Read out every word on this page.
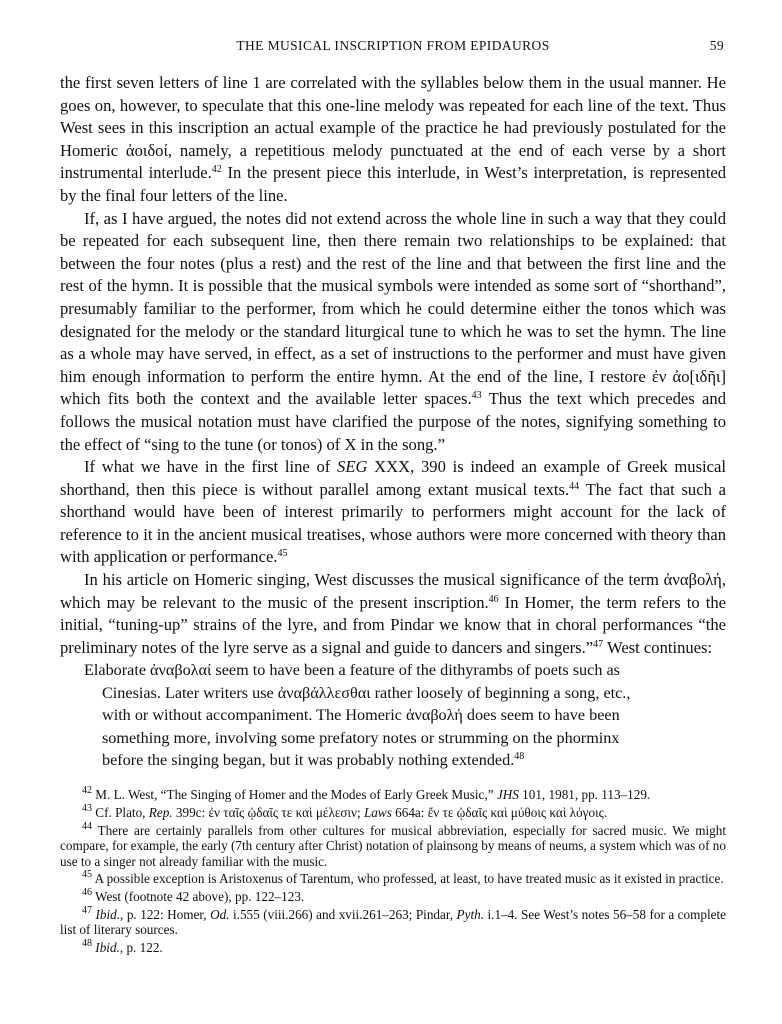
THE MUSICAL INSCRIPTION FROM EPIDAUROS	59

the first seven letters of line 1 are correlated with the syllables below them in the usual manner. He goes on, however, to speculate that this one-line melody was repeated for each line of the text. Thus West sees in this inscription an actual example of the practice he had previously postulated for the Homeric ἀοιδοί, namely, a repetitious melody punctuated at the end of each verse by a short instrumental interlude.$^{42}$ In the present piece this interlude, in West’s interpretation, is represented by the final four letters of the line.

If, as I have argued, the notes did not extend across the whole line in such a way that they could be repeated for each subsequent line, then there remain two relationships to be explained: that between the four notes (plus a rest) and the rest of the line and that between the first line and the rest of the hymn. It is possible that the musical symbols were intended as some sort of “shorthand”, presumably familiar to the performer, from which he could determine either the tonos which was designated for the melody or the standard liturgical tune to which he was to set the hymn. The line as a whole may have served, in effect, as a set of instructions to the performer and must have given him enough information to perform the entire hymn. At the end of the line, I restore ἐν ἀο[ιδῆι] which fits both the context and the available letter spaces.$^{43}$ Thus the text which precedes and follows the musical notation must have clarified the purpose of the notes, signifying something to the effect of “sing to the tune (or tonos) of X in the song.”

If what we have in the first line of SEG XXX, 390 is indeed an example of Greek musical shorthand, then this piece is without parallel among extant musical texts.$^{44}$ The fact that such a shorthand would have been of interest primarily to performers might account for the lack of reference to it in the ancient musical treatises, whose authors were more concerned with theory than with application or performance.$^{45}$

In his article on Homeric singing, West discusses the musical significance of the term ἀναβολή, which may be relevant to the music of the present inscription.$^{46}$ In Homer, the term refers to the initial, “tuning-up” strains of the lyre, and from Pindar we know that in choral performances “the preliminary notes of the lyre serve as a signal and guide to dancers and singers.”$^{47}$ West continues:

Elaborate ἀναβολαί seem to have been a feature of the dithyrambs of poets such as
Cinesias. Later writers use ἀναβάλλεσθαι rather loosely of beginning a song, etc.,
with or without accompaniment. The Homeric ἀναβολή does seem to have been
something more, involving some prefatory notes or strumming on the phorminx
before the singing began, but it was probably nothing extended.$^{48}$

$^{42}$ M. L. West, “The Singing of Homer and the Modes of Early Greek Music,” JHS 101, 1981, pp. 113–129.

$^{43}$ Cf. Plato, Rep. 399c: ἐν ταῖς ᾠδαῖς τε καὶ μέλεσιν; Laws 664a: ἔν τε ᾠδαῖς καὶ μύθοις καὶ λόγοις.

$^{44}$ There are certainly parallels from other cultures for musical abbreviation, especially for sacred music. We might compare, for example, the early (7th century after Christ) notation of plainsong by means of neums, a system which was of no use to a singer not already familiar with the music.

$^{45}$ A possible exception is Aristoxenus of Tarentum, who professed, at least, to have treated music as it existed in practice.

$^{46}$ West (footnote 42 above), pp. 122–123.

$^{47}$ Ibid., p. 122: Homer, Od. i.555 (viii.266) and xvii.261–263; Pindar, Pyth. i.1–4. See West’s notes 56–58 for a complete list of literary sources.

$^{48}$ Ibid., p. 122.
